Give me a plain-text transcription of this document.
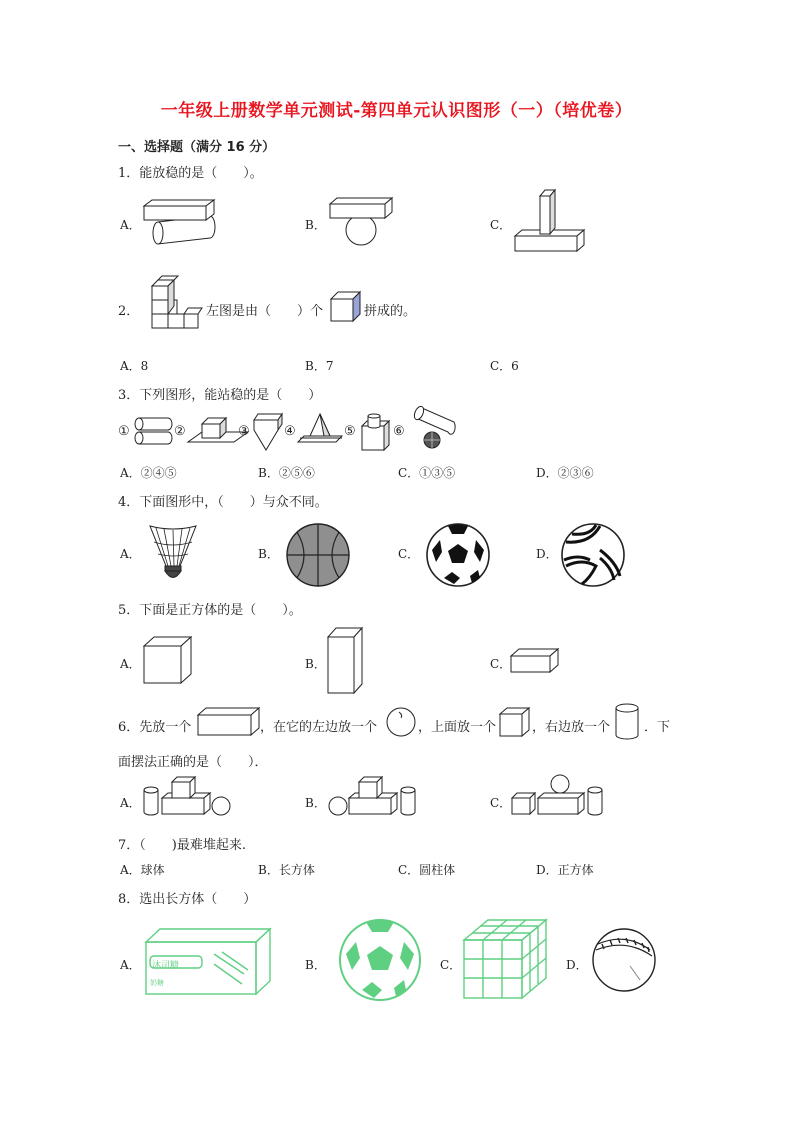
一年级上册数学单元测试-第四单元认识图形（一）（培优卷）
一、选择题（满分 16 分）
1．能放稳的是（　　）。
A．	B．	C．
2．	左图是由（　　）个	拼成的。
A．8	B．7	C．6
3．下列图形，能站稳的是（　　）
①	②	③	④	⑤	⑥
A．②④⑤	B．②⑤⑥	C．①③⑤	D．②③⑥
4．下面图形中，（　　）与众不同。
A．	B．	C．	D．
5．下面是正方体的是（　　）。
A．	B．	C．
6．先放一个	，在它的左边放一个	，上面放一个	，右边放一个	．下
面摆法正确的是（　　）．
A．	B．	C．
7．（　　)最难堆起来.
A．球体	B．长方体	C．圆柱体	D．正方体
8．选出长方体（　　）
A．	B．	C．	D．
沐司糖
奶糖
